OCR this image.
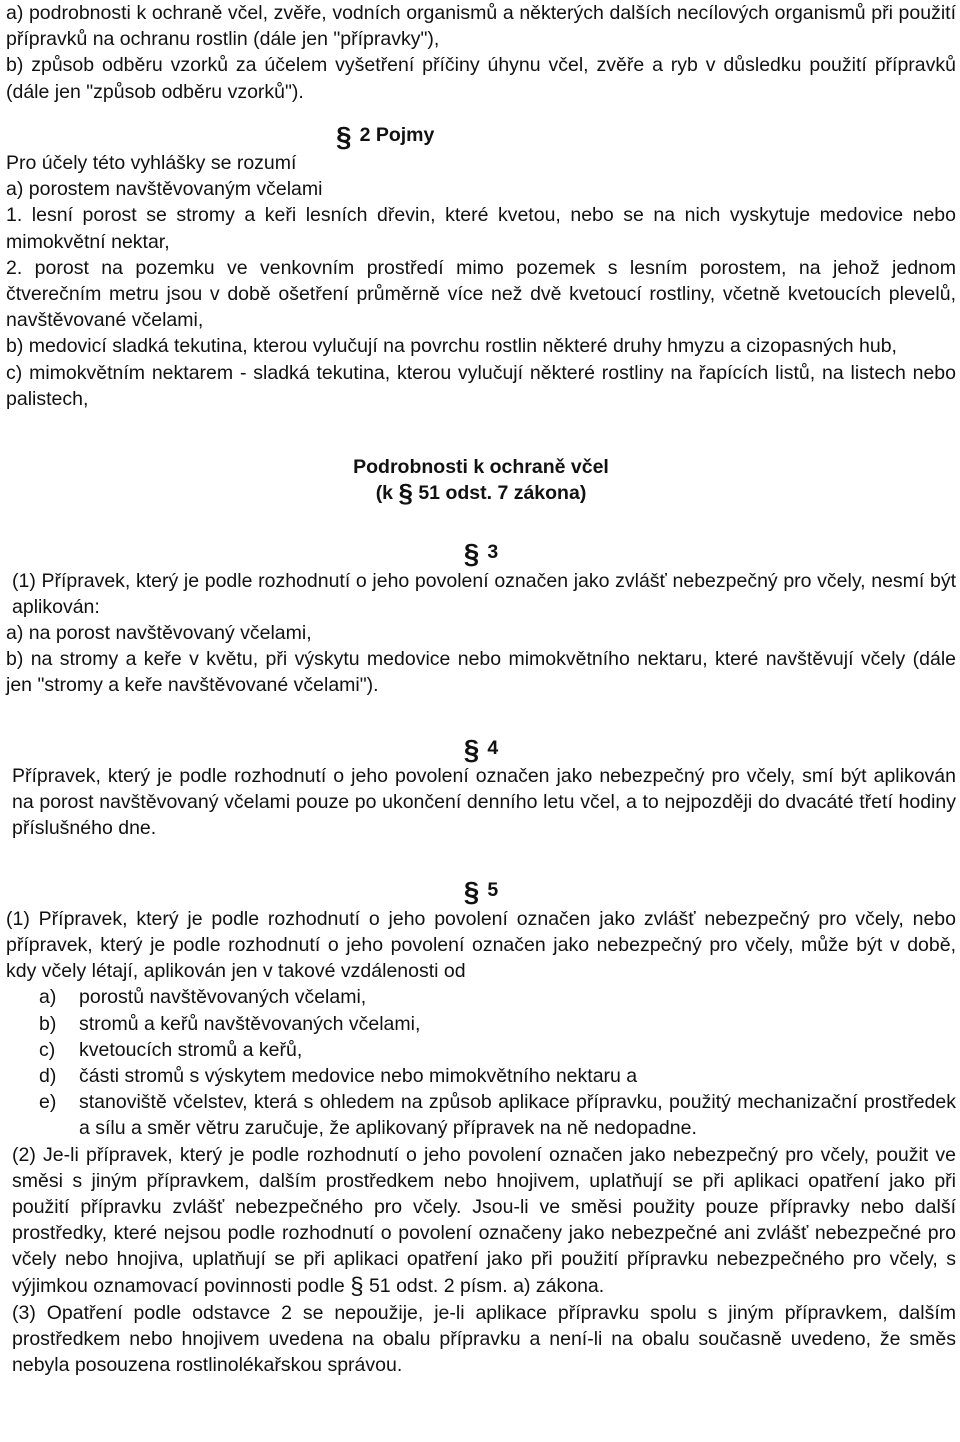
a) podrobnosti k ochraně včel, zvěře, vodních organismů a některých dalších necílových organismů při použití přípravků na ochranu rostlin (dále jen "přípravky"),

b) způsob odběru vzorků za účelem vyšetření příčiny úhynu včel, zvěře a ryb v důsledku použití přípravků (dále jen "způsob odběru vzorků").

§ 2 Pojmy

Pro účely této vyhlášky se rozumí

a) porostem navštěvovaným včelami

1. lesní porost se stromy a keři lesních dřevin, které kvetou, nebo se na nich vyskytuje medovice nebo mimokvětní nektar,

2. porost na pozemku ve venkovním prostředí mimo pozemek s lesním porostem, na jehož jednom čtverečním metru jsou v době ošetření průměrně více než dvě kvetoucí rostliny, včetně kvetoucích plevelů, navštěvované včelami,

b) medovicí sladká tekutina, kterou vylučují na povrchu rostlin některé druhy hmyzu a cizopasných hub,

c) mimokvětním nektarem - sladká tekutina, kterou vylučují některé rostliny na řapících listů, na listech nebo palistech,

Podrobnosti k ochraně včel
(k § 51 odst. 7 zákona)
§ 3

(1) Přípravek, který je podle rozhodnutí o jeho povolení označen jako zvlášť nebezpečný pro včely, nesmí být aplikován:

a) na porost navštěvovaný včelami,

b) na stromy a keře v květu, při výskytu medovice nebo mimokvětního nektaru, které navštěvují včely (dále jen "stromy a keře navštěvované včelami").

§ 4

Přípravek, který je podle rozhodnutí o jeho povolení označen jako nebezpečný pro včely, smí být aplikován na porost navštěvovaný včelami pouze po ukončení denního letu včel, a to nejpozději do dvacáté třetí hodiny příslušného dne.

§ 5

(1) Přípravek, který je podle rozhodnutí o jeho povolení označen jako zvlášť nebezpečný pro včely, nebo přípravek, který je podle rozhodnutí o jeho povolení označen jako nebezpečný pro včely, může být v době, kdy včely létají, aplikován jen v takové vzdálenosti od

a)	porostů navštěvovaných včelami,
b)	stromů a keřů navštěvovaných včelami,
c)	kvetoucích stromů a keřů,
d)	části stromů s výskytem medovice nebo mimokvětního nektaru a
e)	stanoviště včelstev, která s ohledem na způsob aplikace přípravku, použitý mechanizační prostředek a sílu a směr větru zaručuje, že aplikovaný přípravek na ně nedopadne.

(2) Je-li přípravek, který je podle rozhodnutí o jeho povolení označen jako nebezpečný pro včely, použit ve směsi s jiným přípravkem, dalším prostředkem nebo hnojivem, uplatňují se při aplikaci opatření jako při použití přípravku zvlášť nebezpečného pro včely. Jsou-li ve směsi použity pouze přípravky nebo další prostředky, které nejsou podle rozhodnutí o povolení označeny jako nebezpečné ani zvlášť nebezpečné pro včely nebo hnojiva, uplatňují se při aplikaci opatření jako při použití přípravku nebezpečného pro včely, s výjimkou oznamovací povinnosti podle § 51 odst. 2 písm. a) zákona.

(3) Opatření podle odstavce 2 se nepoužije, je-li aplikace přípravku spolu s jiným přípravkem, dalším prostředkem nebo hnojivem uvedena na obalu přípravku a není-li na obalu současně uvedeno, že směs nebyla posouzena rostlinolékařskou správou.
